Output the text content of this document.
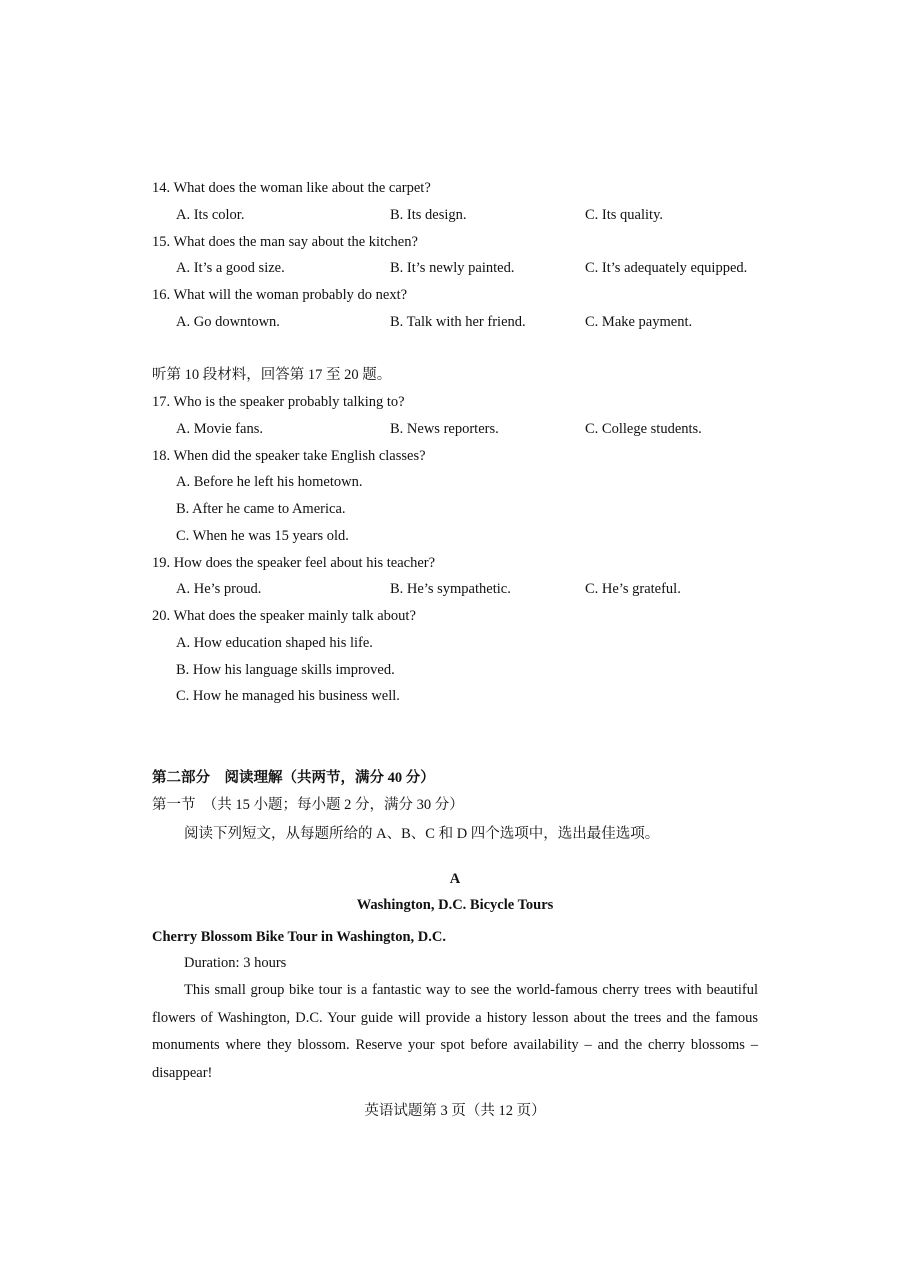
14. What does the woman like about the carpet?
A. Its color.	B. Its design.	C. Its quality.
15. What does the man say about the kitchen?
A. It’s a good size.	B. It’s newly painted.	C. It’s adequately equipped.
16. What will the woman probably do next?
A. Go downtown.	B. Talk with her friend.	C. Make payment.
听第 10 段材料，回答第 17 至 20 题。
17. Who is the speaker probably talking to?
A. Movie fans.	B. News reporters.	C. College students.
18. When did the speaker take English classes?
A. Before he left his hometown.
B. After he came to America.
C. When he was 15 years old.
19. How does the speaker feel about his teacher?
A. He’s proud.	B. He’s sympathetic.	C. He’s grateful.
20. What does the speaker mainly talk about?
A. How education shaped his life.
B. How his language skills improved.
C. How he managed his business well.
第二部分　阅读理解（共两节，满分 40 分）
第一节　（共 15 小题；每小题 2 分，满分 30 分）
阅读下列短文，从每题所给的 A、B、C 和 D 四个选项中，选出最佳选项。
A
Washington, D.C. Bicycle Tours
Cherry Blossom Bike Tour in Washington, D.C.
Duration: 3 hours
This small group bike tour is a fantastic way to see the world-famous cherry trees with beautiful flowers of Washington, D.C. Your guide will provide a history lesson about the trees and the famous monuments where they blossom. Reserve your spot before availability – and the cherry blossoms – disappear!
英语试题第 3 页（共 12 页）
